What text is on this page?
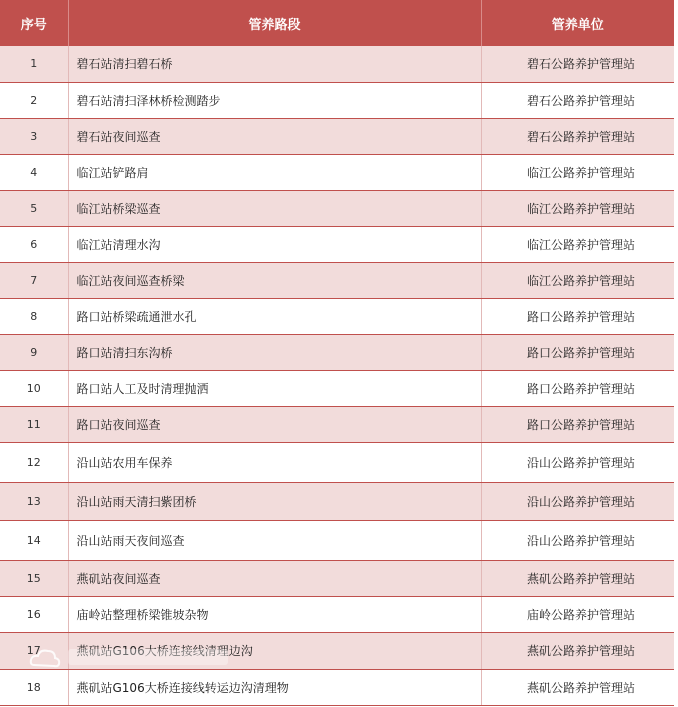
序号	管养路段	管养单位
1	碧石站清扫碧石桥	碧石公路养护管理站
2	碧石站清扫泽林桥检测踏步	碧石公路养护管理站
3	碧石站夜间巡查	碧石公路养护管理站
4	临江站铲路肩	临江公路养护管理站
5	临江站桥梁巡查	临江公路养护管理站
6	临江站清理水沟	临江公路养护管理站
7	临江站夜间巡查桥梁	临江公路养护管理站
8	路口站桥梁疏通泄水孔	路口公路养护管理站
9	路口站清扫东沟桥	路口公路养护管理站
10	路口站人工及时清理抛洒	路口公路养护管理站
11	路口站夜间巡查	路口公路养护管理站
12	沿山站农用车保养	沿山公路养护管理站
13	沿山站雨天清扫紫团桥	沿山公路养护管理站
14	沿山站雨天夜间巡查	沿山公路养护管理站
15	燕矶站夜间巡查	燕矶公路养护管理站
16	庙岭站整理桥梁锥坡杂物	庙岭公路养护管理站
17	燕矶站G106大桥连接线清理边沟	燕矶公路养护管理站
18	燕矶站G106大桥连接线转运边沟清理物	燕矶公路养护管理站
